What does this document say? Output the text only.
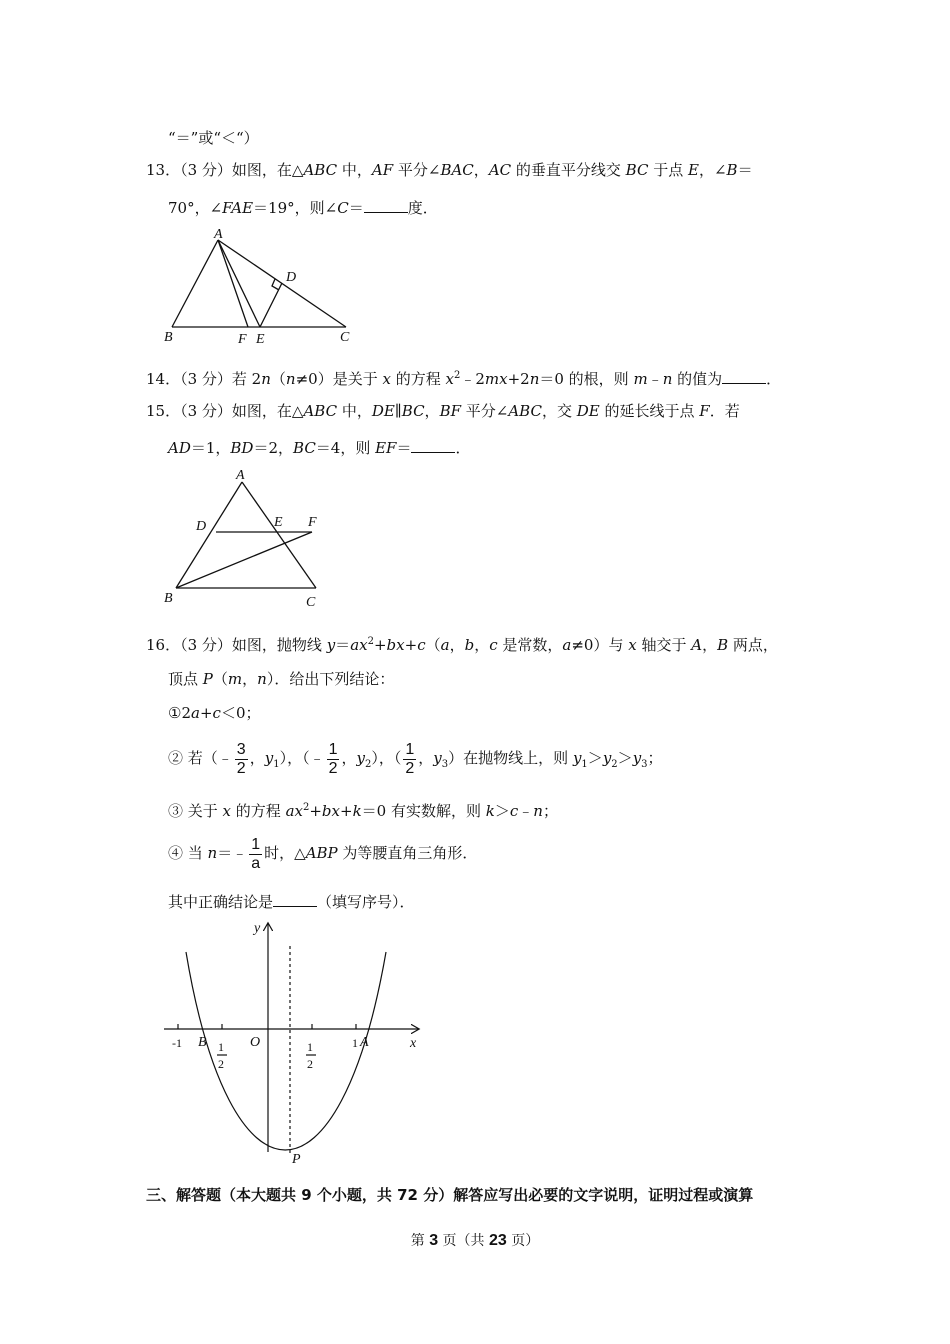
“＝”或“＜“）
13．（3 分）如图，在△ABC 中，AF 平分∠BAC，AC 的垂直平分线交 BC 于点 E，∠B＝
70°，∠FAE＝19°，则∠C＝	度．
A
D
B	F E	C
14．（3 分）若 2n（n≠0）是关于 x 的方程 $x^2﹣2mx+2n=0$ 的根，则 m﹣n 的值为	．
15．（3 分）如图，在△ABC 中，DE∥BC，BF 平分∠ABC，交 DE 的延长线于点 F．若
AD＝1，BD＝2，BC＝4，则 EF＝	．
A
D	E F
B	C
16．（3 分）如图，抛物线 $y=ax^2+bx+c(a$，b，c 是常数，a≠0）与 x 轴交于 A，B 两点，
顶点 P（m，n）．给出下列结论：
①2a+c＜0；
② 若（﹣ $\frac{3}{2}$ ，$y_1$），（﹣ $\frac{1}{2}$ ，$y_2$），（ $\frac{1}{2}$ ，$y_3$）在抛物线上，则 $y_1>y_2>y_3$；
③ 关于 x 的方程 $ax^2+bx+k=0$ 有实数解，则 k＞c﹣n；
④ 当 n＝﹣ $\frac{1}{a}$ 时，△ABP 为等腰直角三角形．
其中正确结论是	（填写序号）．
y
-1 B	O	1 A	x
1
2
1
2
P
三、解答题（本大题共 9 个小题，共 72 分）解答应写出必要的文字说明，证明过程或演算
第 3 页（共 23 页）
